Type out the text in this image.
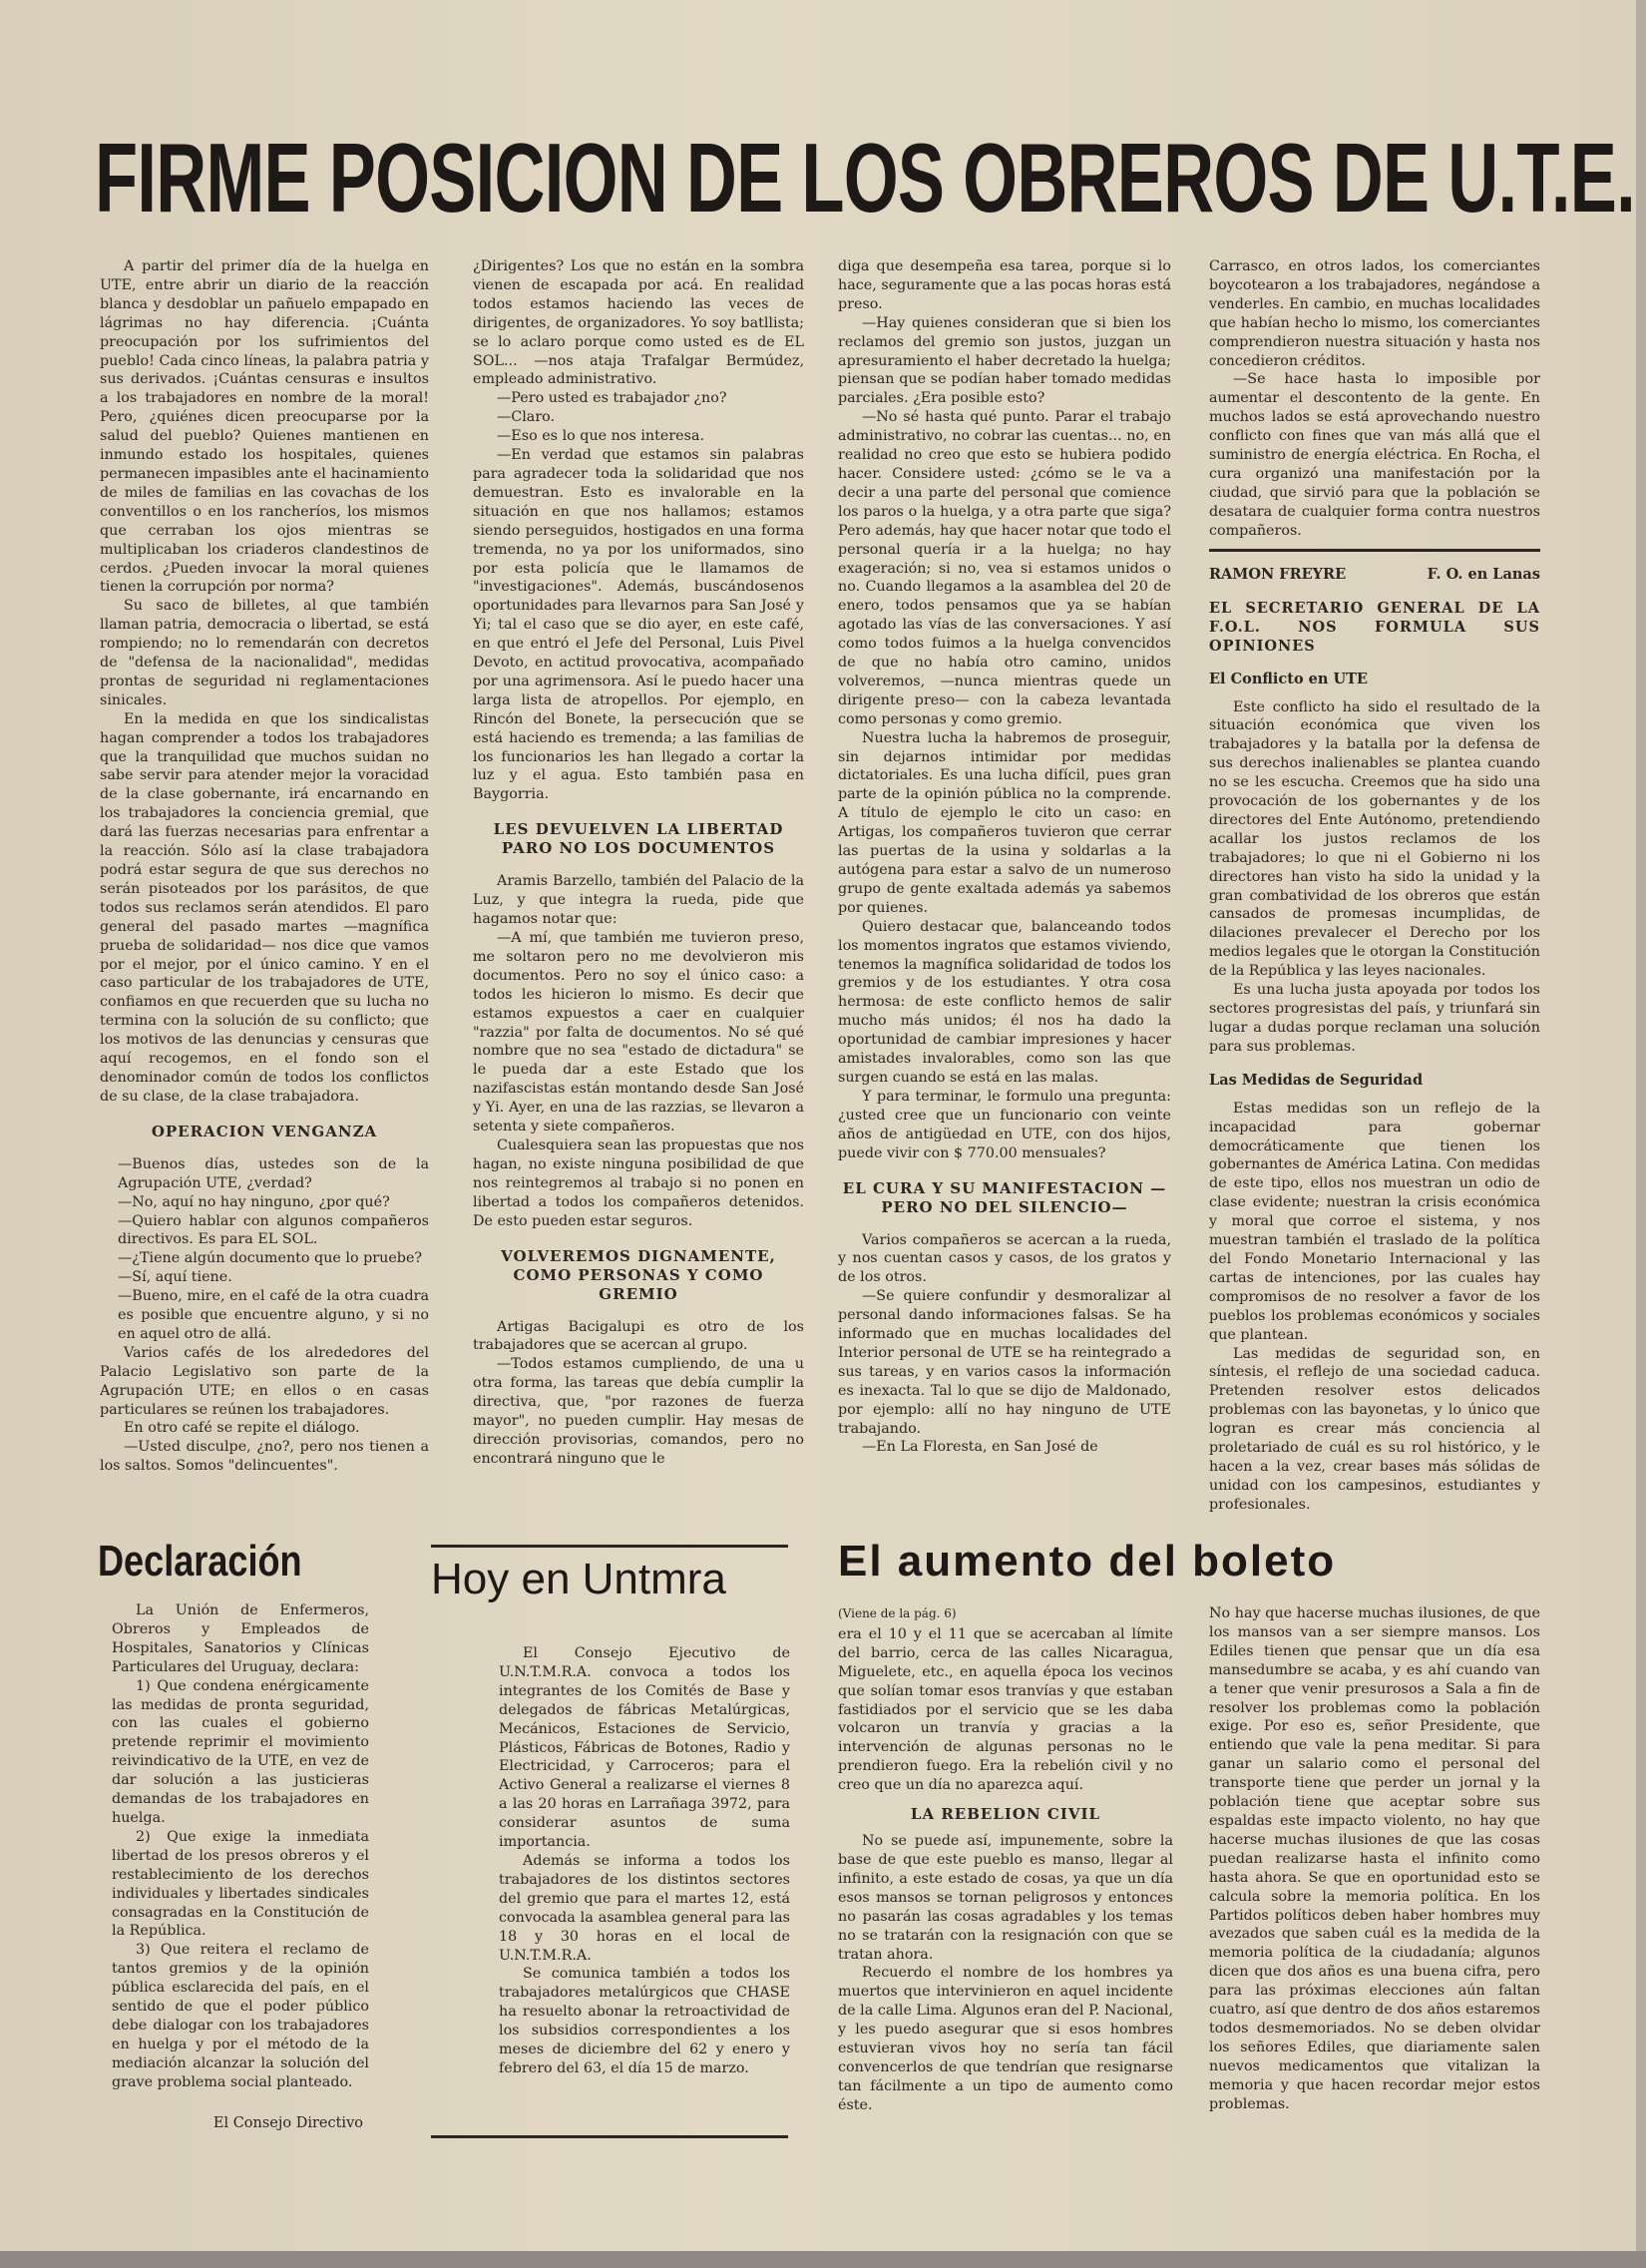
FIRME POSICION DE LOS OBREROS DE U.T.E.

A partir del primer día de la huelga en UTE, entre abrir un diario de la reacción blanca y desdoblar un pañuelo empapado en lágrimas no hay diferencia. ¡Cuánta preocupación por los sufrimientos del pueblo! Cada cinco líneas, la palabra patria y sus derivados. ¡Cuántas censuras e insultos a los trabajadores en nombre de la moral! Pero, ¿quiénes dicen preocuparse por la salud del pueblo? Quienes mantienen en inmundo estado los hospitales, quienes permanecen impasibles ante el hacinamiento de miles de familias en las covachas de los conventillos o en los rancheríos, los mismos que cerraban los ojos mientras se multiplicaban los criaderos clandestinos de cerdos. ¿Pueden invocar la moral quienes tienen la corrupción por norma?

Su saco de billetes, al que también llaman patria, democracia o libertad, se está rompiendo; no lo remendarán con decretos de "defensa de la nacionalidad", medidas prontas de seguridad ni reglamentaciones sinicales.

En la medida en que los sindicalistas hagan comprender a todos los trabajadores que la tranquilidad que muchos suidan no sabe servir para atender mejor la voracidad de la clase gobernante, irá encarnando en los trabajadores la conciencia gremial, que dará las fuerzas necesarias para enfrentar a la reacción. Sólo así la clase trabajadora podrá estar segura de que sus derechos no serán pisoteados por los parásitos, de que todos sus reclamos serán atendidos. El paro general del pasado martes —magnífica prueba de solidaridad— nos dice que vamos por el mejor, por el único camino. Y en el caso particular de los trabajadores de UTE, confiamos en que recuerden que su lucha no termina con la solución de su conflicto; que los motivos de las denuncias y censuras que aquí recogemos, en el fondo son el denominador común de todos los conflictos de su clase, de la clase trabajadora.

OPERACION VENGANZA

—Buenos días, ustedes son de la Agrupación UTE, ¿verdad?

—No, aquí no hay ninguno, ¿por qué?

—Quiero hablar con algunos compañeros directivos. Es para EL SOL.

—¿Tiene algún documento que lo pruebe?

—Sí, aquí tiene.

—Bueno, mire, en el café de la otra cuadra es posible que encuentre alguno, y si no en aquel otro de allá.

Varios cafés de los alrededores del Palacio Legislativo son parte de la Agrupación UTE; en ellos o en casas particulares se reúnen los trabajadores.

En otro café se repite el diálogo.

—Usted disculpe, ¿no?, pero nos tienen a los saltos. Somos "delincuentes".

¿Dirigentes? Los que no están en la sombra vienen de escapada por acá. En realidad todos estamos haciendo las veces de dirigentes, de organizadores. Yo soy batllista; se lo aclaro porque como usted es de EL SOL... —nos ataja Trafalgar Bermúdez, empleado administrativo.

—Pero usted es trabajador ¿no?

—Claro.

—Eso es lo que nos interesa.

—En verdad que estamos sin palabras para agradecer toda la solidaridad que nos demuestran. Esto es invalorable en la situación en que nos hallamos; estamos siendo perseguidos, hostigados en una forma tremenda, no ya por los uniformados, sino por esta policía que le llamamos de "investigaciones". Además, buscándosenos oportunidades para llevarnos para San José y Yi; tal el caso que se dio ayer, en este café, en que entró el Jefe del Personal, Luis Pivel Devoto, en actitud provocativa, acompañado por una agrimensora. Así le puedo hacer una larga lista de atropellos. Por ejemplo, en Rincón del Bonete, la persecución que se está haciendo es tremenda; a las familias de los funcionarios les han llegado a cortar la luz y el agua. Esto también pasa en Baygorria.

LES DEVUELVEN LA LIBERTAD PARO NO LOS DOCUMENTOS

Aramis Barzello, también del Palacio de la Luz, y que integra la rueda, pide que hagamos notar que:

—A mí, que también me tuvieron preso, me soltaron pero no me devolvieron mis documentos. Pero no soy el único caso: a todos les hicieron lo mismo. Es decir que estamos expuestos a caer en cualquier "razzia" por falta de documentos. No sé qué nombre que no sea "estado de dictadura" se le pueda dar a este Estado que los nazifascistas están montando desde San José y Yi. Ayer, en una de las razzias, se llevaron a setenta y siete compañeros.

Cualesquiera sean las propuestas que nos hagan, no existe ninguna posibilidad de que nos reintegremos al trabajo si no ponen en libertad a todos los compañeros detenidos. De esto pueden estar seguros.

VOLVEREMOS DIGNAMENTE, COMO PERSONAS Y COMO GREMIO

Artigas Bacigalupi es otro de los trabajadores que se acercan al grupo.

—Todos estamos cumpliendo, de una u otra forma, las tareas que debía cumplir la directiva, que, "por razones de fuerza mayor", no pueden cumplir. Hay mesas de dirección provisorias, comandos, pero no encontrará ninguno que le

diga que desempeña esa tarea, porque si lo hace, seguramente que a las pocas horas está preso.

—Hay quienes consideran que si bien los reclamos del gremio son justos, juzgan un apresuramiento el haber decretado la huelga; piensan que se podían haber tomado medidas parciales. ¿Era posible esto?

—No sé hasta qué punto. Parar el trabajo administrativo, no cobrar las cuentas... no, en realidad no creo que esto se hubiera podido hacer. Considere usted: ¿cómo se le va a decir a una parte del personal que comience los paros o la huelga, y a otra parte que siga? Pero además, hay que hacer notar que todo el personal quería ir a la huelga; no hay exageración; si no, vea si estamos unidos o no. Cuando llegamos a la asamblea del 20 de enero, todos pensamos que ya se habían agotado las vías de las conversaciones. Y así como todos fuimos a la huelga convencidos de que no había otro camino, unidos volveremos, —nunca mientras quede un dirigente preso— con la cabeza levantada como personas y como gremio.

Nuestra lucha la habremos de proseguir, sin dejarnos intimidar por medidas dictatoriales. Es una lucha difícil, pues gran parte de la opinión pública no la comprende. A título de ejemplo le cito un caso: en Artigas, los compañeros tuvieron que cerrar las puertas de la usina y soldarlas a la autógena para estar a salvo de un numeroso grupo de gente exaltada además ya sabemos por quienes.

Quiero destacar que, balanceando todos los momentos ingratos que estamos viviendo, tenemos la magnífica solidaridad de todos los gremios y de los estudiantes. Y otra cosa hermosa: de este conflicto hemos de salir mucho más unidos; él nos ha dado la oportunidad de cambiar impresiones y hacer amistades invalorables, como son las que surgen cuando se está en las malas.

Y para terminar, le formulo una pregunta: ¿usted cree que un funcionario con veinte años de antigüedad en UTE, con dos hijos, puede vivir con $ 770.00 mensuales?

EL CURA Y SU MANIFESTACION —PERO NO DEL SILENCIO—

Varios compañeros se acercan a la rueda, y nos cuentan casos y casos, de los gratos y de los otros.

—Se quiere confundir y desmoralizar al personal dando informaciones falsas. Se ha informado que en muchas localidades del Interior personal de UTE se ha reintegrado a sus tareas, y en varios casos la información es inexacta. Tal lo que se dijo de Maldonado, por ejemplo: allí no hay ninguno de UTE trabajando.

—En La Floresta, en San José de

Carrasco, en otros lados, los comerciantes boycotearon a los trabajadores, negándose a venderles. En cambio, en muchas localidades que habían hecho lo mismo, los comerciantes comprendieron nuestra situación y hasta nos concedieron créditos.

—Se hace hasta lo imposible por aumentar el descontento de la gente. En muchos lados se está aprovechando nuestro conflicto con fines que van más allá que el suministro de energía eléctrica. En Rocha, el cura organizó una manifestación por la ciudad, que sirvió para que la población se desatara de cualquier forma contra nuestros compañeros.

RAMON FREYRE	F. O. en Lanas
EL SECRETARIO GENERAL DE LA F.O.L. NOS FORMULA SUS OPINIONES
El Conflicto en UTE

Este conflicto ha sido el resultado de la situación económica que viven los trabajadores y la batalla por la defensa de sus derechos inalienables se plantea cuando no se les escucha. Creemos que ha sido una provocación de los gobernantes y de los directores del Ente Autónomo, pretendiendo acallar los justos reclamos de los trabajadores; lo que ni el Gobierno ni los directores han visto ha sido la unidad y la gran combatividad de los obreros que están cansados de promesas incumplidas, de dilaciones prevalecer el Derecho por los medios legales que le otorgan la Constitución de la República y las leyes nacionales.

Es una lucha justa apoyada por todos los sectores progresistas del país, y triunfará sin lugar a dudas porque reclaman una solución para sus problemas.

Las Medidas de Seguridad

Estas medidas son un reflejo de la incapacidad para gobernar democráticamente que tienen los gobernantes de América Latina. Con medidas de este tipo, ellos nos muestran un odio de clase evidente; nuestran la crisis económica y moral que corroe el sistema, y nos muestran también el traslado de la política del Fondo Monetario Internacional y las cartas de intenciones, por las cuales hay compromisos de no resolver a favor de los pueblos los problemas económicos y sociales que plantean.

Las medidas de seguridad son, en síntesis, el reflejo de una sociedad caduca. Pretenden resolver estos delicados problemas con las bayonetas, y lo único que logran es crear más conciencia al proletariado de cuál es su rol histórico, y le hacen a la vez, crear bases más sólidas de unidad con los campesinos, estudiantes y profesionales.

Declaración

La Unión de Enfermeros, Obreros y Empleados de Hospitales, Sanatorios y Clínicas Particulares del Uruguay, declara:

1) Que condena enérgicamente las medidas de pronta seguridad, con las cuales el gobierno pretende reprimir el movimiento reivindicativo de la UTE, en vez de dar solución a las justicieras demandas de los trabajadores en huelga.

2) Que exige la inmediata libertad de los presos obreros y el restablecimiento de los derechos individuales y libertades sindicales consagradas en la Constitución de la República.

3) Que reitera el reclamo de tantos gremios y de la opinión pública esclarecida del país, en el sentido de que el poder público debe dialogar con los trabajadores en huelga y por el método de la mediación alcanzar la solución del grave problema social planteado.

El Consejo Directivo
Hoy en Untmra

El Consejo Ejecutivo de U.N.T.M.R.A. convoca a todos los integrantes de los Comités de Base y delegados de fábricas Metalúrgicas, Mecánicos, Estaciones de Servicio, Plásticos, Fábricas de Botones, Radio y Electricidad, y Carroceros; para el Activo General a realizarse el viernes 8 a las 20 horas en Larrañaga 3972, para considerar asuntos de suma importancia.

Además se informa a todos los trabajadores de los distintos sectores del gremio que para el martes 12, está convocada la asamblea general para las 18 y 30 horas en el local de U.N.T.M.R.A.

Se comunica también a todos los trabajadores metalúrgicos que CHASE ha resuelto abonar la retroactividad de los subsidios correspondientes a los meses de diciembre del 62 y enero y febrero del 63, el día 15 de marzo.

El aumento del boleto
(Viene de la pág. 6)

era el 10 y el 11 que se acercaban al límite del barrio, cerca de las calles Nicaragua, Miguelete, etc., en aquella época los vecinos que solían tomar esos tranvías y que estaban fastidiados por el servicio que se les daba volcaron un tranvía y gracias a la intervención de algunas personas no le prendieron fuego. Era la rebelión civil y no creo que un día no aparezca aquí.

LA REBELION CIVIL

No se puede así, impunemente, sobre la base de que este pueblo es manso, llegar al infinito, a este estado de cosas, ya que un día esos mansos se tornan peligrosos y entonces no pasarán las cosas agradables y los temas no se tratarán con la resignación con que se tratan ahora.

Recuerdo el nombre de los hombres ya muertos que intervinieron en aquel incidente de la calle Lima. Algunos eran del P. Nacional, y les puedo asegurar que si esos hombres estuvieran vivos hoy no sería tan fácil convencerlos de que tendrían que resignarse tan fácilmente a un tipo de aumento como éste.

No hay que hacerse muchas ilusiones, de que los mansos van a ser siempre mansos. Los Ediles tienen que pensar que un día esa mansedumbre se acaba, y es ahí cuando van a tener que venir presurosos a Sala a fin de resolver los problemas como la población exige. Por eso es, señor Presidente, que entiendo que vale la pena meditar. Si para ganar un salario como el personal del transporte tiene que perder un jornal y la población tiene que aceptar sobre sus espaldas este impacto violento, no hay que hacerse muchas ilusiones de que las cosas puedan realizarse hasta el infinito como hasta ahora. Se que en oportunidad esto se calcula sobre la memoria política. En los Partidos políticos deben haber hombres muy avezados que saben cuál es la medida de la memoria política de la ciudadanía; algunos dicen que dos años es una buena cifra, pero para las próximas elecciones aún faltan cuatro, así que dentro de dos años estaremos todos desmemoriados. No se deben olvidar los señores Ediles, que diariamente salen nuevos medicamentos que vitalizan la memoria y que hacen recordar mejor estos problemas.
